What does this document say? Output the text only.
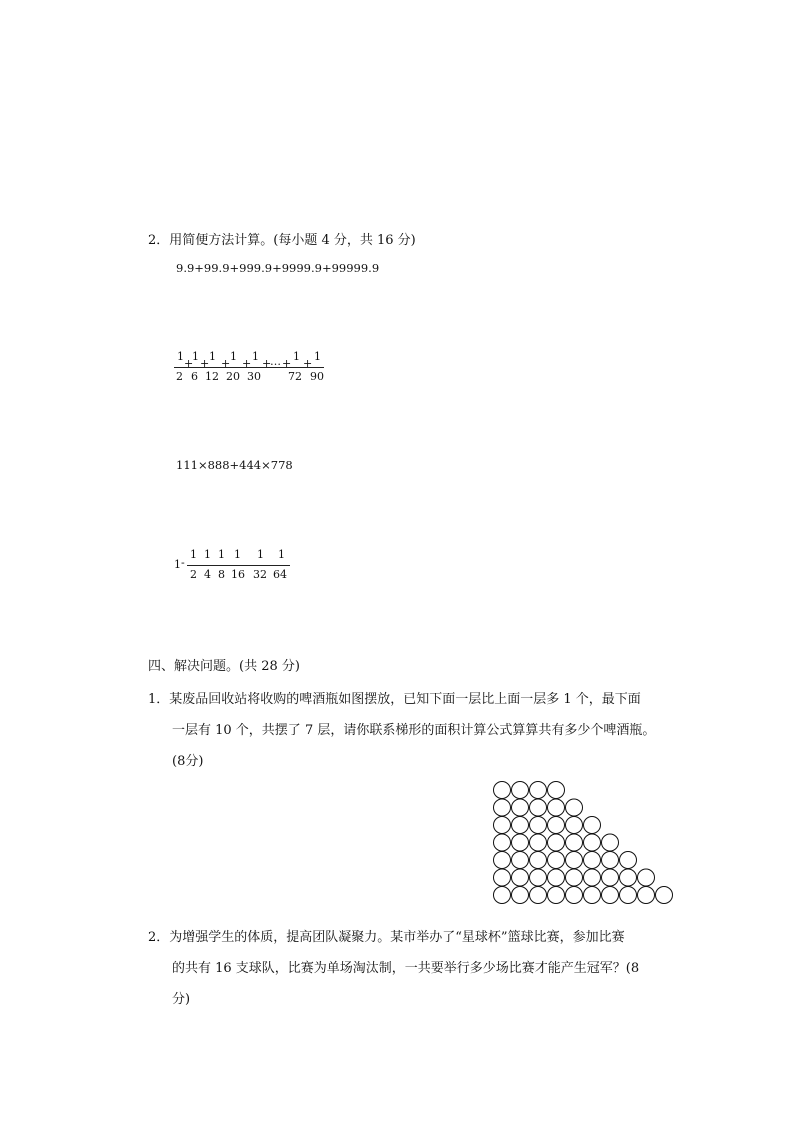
2．用简便方法计算。(每小题 4 分，共 16 分)
9.9+99.9+999.9+9999.9+99999.9
1
2
+
1
6
+
1
12
+
1
20
+
1
30
+
… +
1
72
+
1
90
111×888+444×778
1 -
1
2
1
4
1
8
1
16
1
32
1
64
四、解决问题。(共 28 分)
1．某废品回收站将收购的啤酒瓶如图摆放，已知下面一层比上面一层多 1 个，最下面
一层有 10 个，共摆了 7 层，请你联系梯形的面积计算公式算算共有多少个啤酒瓶。
(8分)
2．为增强学生的体质，提高团队凝聚力。某市举办了“星球杯”篮球比赛，参加比赛
的共有 16 支球队，比赛为单场淘汰制，一共要举行多少场比赛才能产生冠军？(8
分)
